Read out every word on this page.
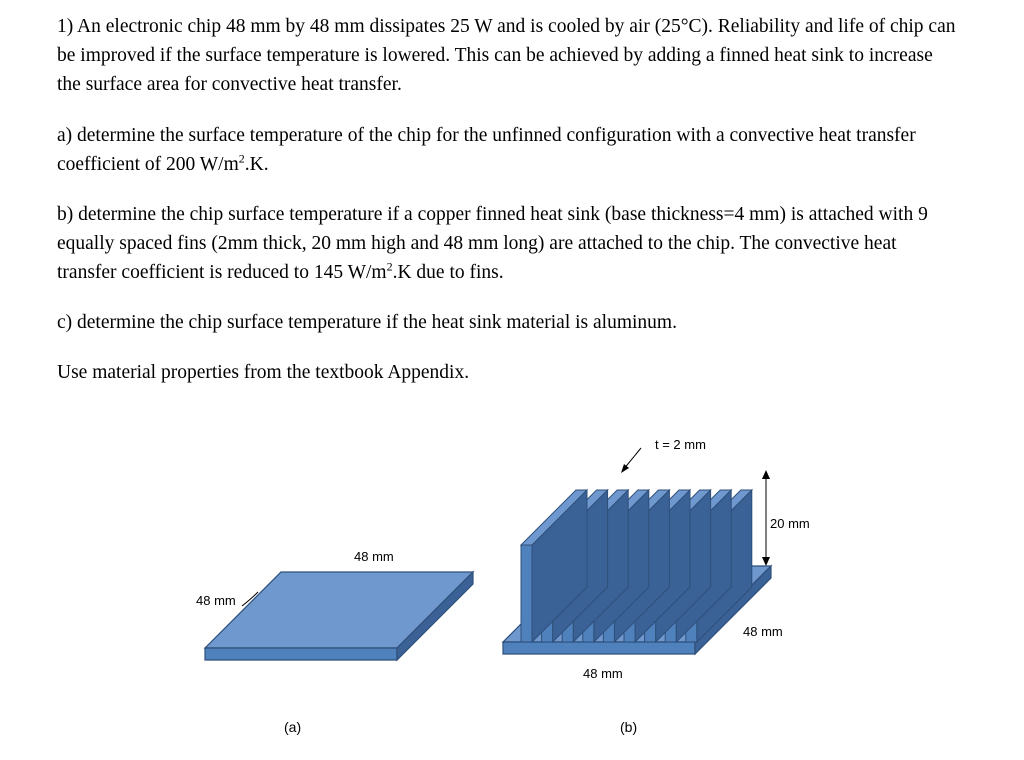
1) An electronic chip 48 mm by 48 mm dissipates 25 W and is cooled by air (25°C). Reliability and life of chip can be improved if the surface temperature is lowered. This can be achieved by adding a finned heat sink to increase the surface area for convective heat transfer.

a) determine the surface temperature of the chip for the unfinned configuration with a convective heat transfer coefficient of 200 $W/m^2.K$.

b) determine the chip surface temperature if a copper finned heat sink (base thickness=4 mm) is attached with 9 equally spaced fins (2mm thick, 20 mm high and 48 mm long) are attached to the chip. The convective heat transfer coefficient is reduced to 145 $W/m^2.K$ due to fins.

c) determine the chip surface temperature if the heat sink material is aluminum.

Use material properties from the textbook Appendix.

48 mm
48 mm
(a)
t = 2 mm
20 mm
48 mm
48 mm
(b)
